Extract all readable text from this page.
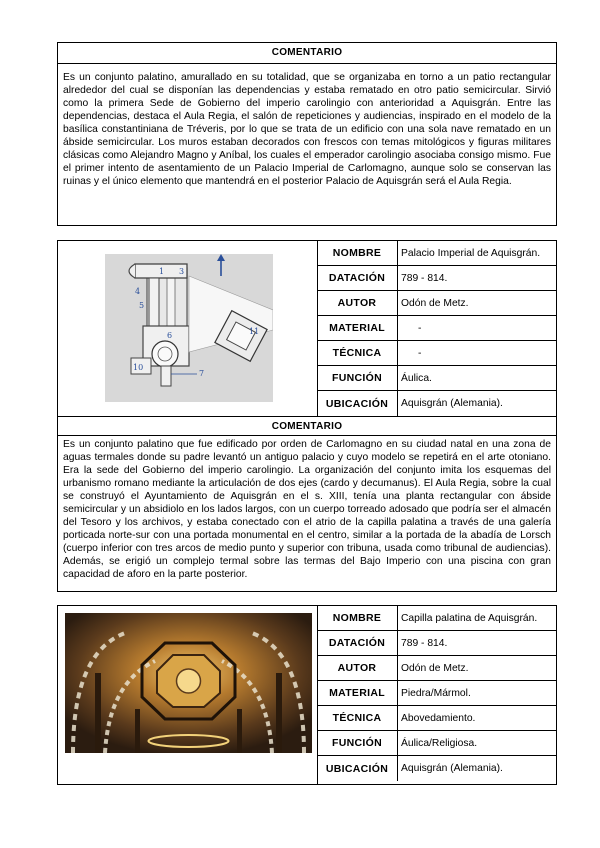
COMENTARIO
Es un conjunto palatino, amurallado en su totalidad, que se organizaba en torno a un patio rectangular alrededor del cual se disponían las dependencias y estaba rematado en otro patio semicircular. Sirvió como la primera Sede de Gobierno del imperio carolingio con anterioridad a Aquisgrán. Entre las dependencias, destaca el Aula Regia, el salón de repeticiones y audiencias, inspirado en el modelo de la basílica constantiniana de Tréveris, por lo que se trata de un edificio con una sola nave rematado en un ábside semicircular. Los muros estaban decorados con frescos con temas mitológicos y figuras militares clásicas como Alejandro Magno y Aníbal, los cuales el emperador carolingio asociaba consigo mismo. Fue el primer intento de asentamiento de un Palacio Imperial de Carlomagno, aunque solo se conservan las ruinas y el único elemento que mantendrá en el posterior Palacio de Aquisgrán será el Aula Regia.
1 3
4
5
6
7
10
11
NOMBRE	Palacio Imperial de Aquisgrán.
DATACIÓN	789 - 814.
AUTOR	Odón de Metz.
MATERIAL	-
TÉCNICA	-
FUNCIÓN	Áulica.
UBICACIÓN	Aquisgrán (Alemania).
COMENTARIO
Es un conjunto palatino que fue edificado por orden de Carlomagno en su ciudad natal en una zona de aguas termales donde su padre levantó un antiguo palacio y cuyo modelo se repetirá en el arte otoniano. Era la sede del Gobierno del imperio carolingio. La organización del conjunto imita los esquemas del urbanismo romano mediante la articulación de dos ejes (cardo y decumanus). El Aula Regia, sobre la cual se construyó el Ayuntamiento de Aquisgrán en el s. XIII, tenía una planta rectangular con ábside semicircular y un absidiolo en los lados largos, con un cuerpo torreado adosado que podría ser el almacén del Tesoro y los archivos, y estaba conectado con el atrio de la capilla palatina a través de una galería porticada norte-sur con una portada monumental en el centro, similar a la portada de la abadía de Lorsch (cuerpo inferior con tres arcos de medio punto y superior con tribuna, usada como tribunal de audiencias). Además, se erigió un complejo termal sobre las termas del Bajo Imperio con una piscina con gran capacidad de aforo en la parte posterior.
NOMBRE	Capilla palatina de Aquisgrán.
DATACIÓN	789 - 814.
AUTOR	Odón de Metz.
MATERIAL	Piedra/Mármol.
TÉCNICA	Abovedamiento.
FUNCIÓN	Áulica/Religiosa.
UBICACIÓN	Aquisgrán (Alemania).
